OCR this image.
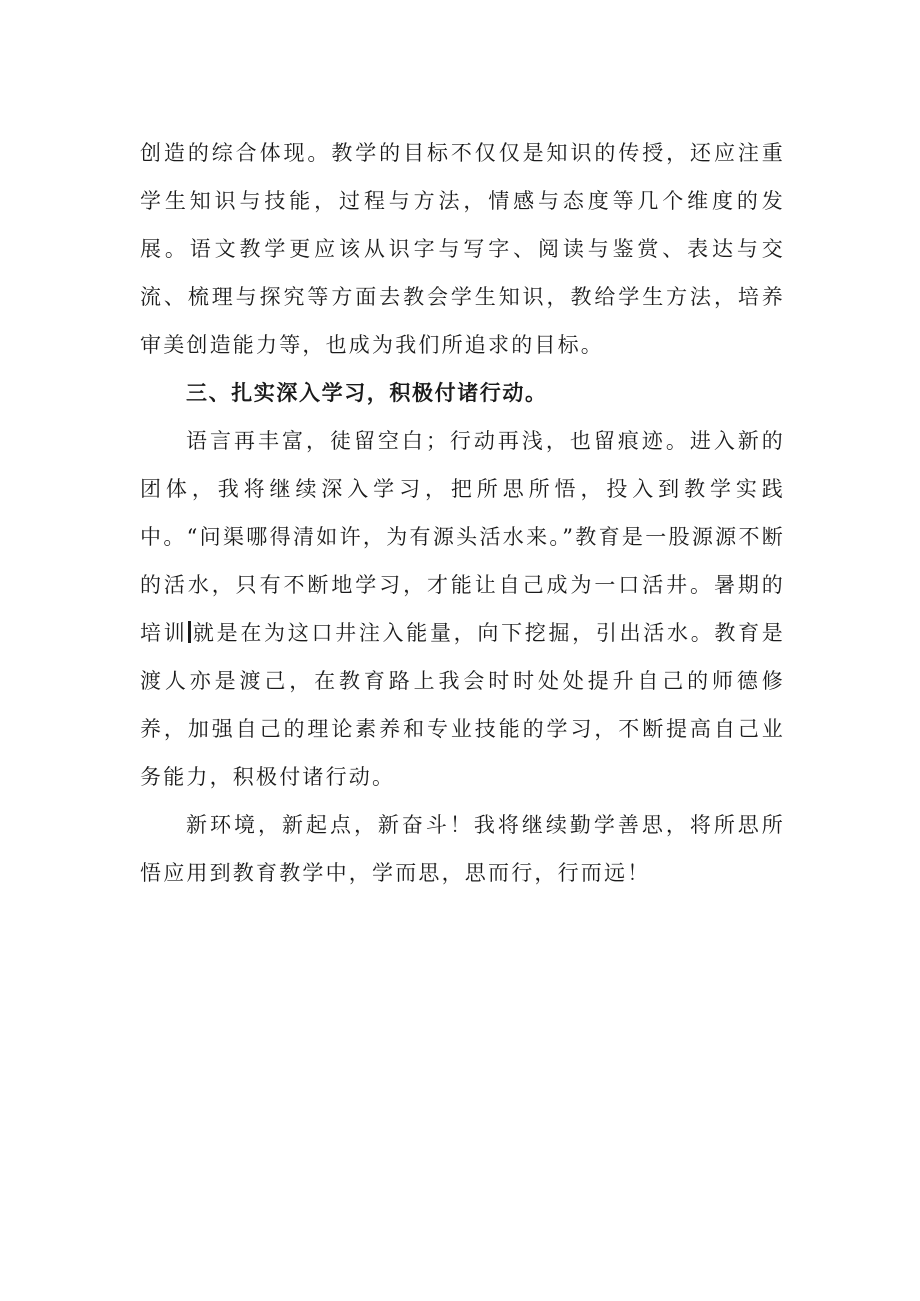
创造的综合体现。教学的目标不仅仅是知识的传授，还应注重学生知识与技能，过程与方法，情感与态度等几个维度的发展。语文教学更应该从识字与写字、阅读与鉴赏、表达与交流、梳理与探究等方面去教会学生知识，教给学生方法，培养审美创造能力等，也成为我们所追求的目标。

三、扎实深入学习，积极付诸行动。

语言再丰富，徒留空白；行动再浅，也留痕迹。进入新的团体，我将继续深入学习，把所思所悟，投入到教学实践中。“问渠哪得清如许，为有源头活水来。”教育是一股源源不断的活水，只有不断地学习，才能让自己成为一口活井。暑期的培训 就是在为这口井注入能量，向下挖掘，引出活水。教育是渡人亦是渡己，在教育路上我会时时处处提升自己的师德修养，加强自己的理论素养和专业技能的学习，不断提高自己业务能力，积极付诸行动。

新环境，新起点，新奋斗！我将继续勤学善思，将所思所悟应用到教育教学中，学而思，思而行，行而远！
